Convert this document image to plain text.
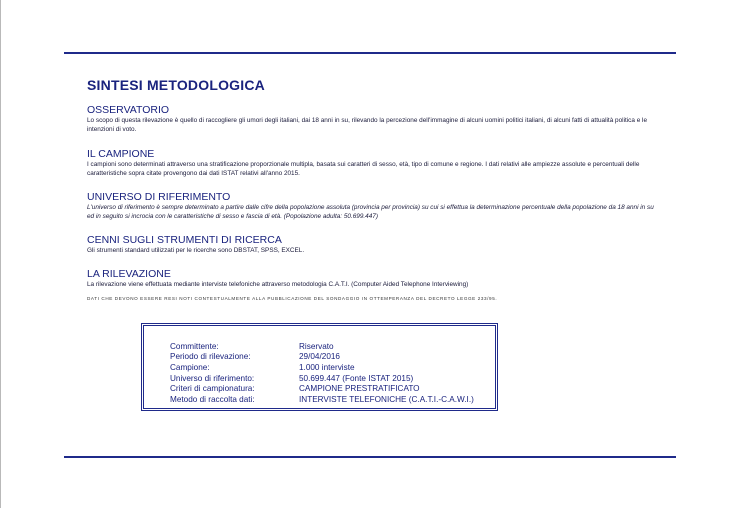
SINTESI METODOLOGICA

OSSERVATORIO

Lo scopo di questa rilevazione è quello di raccogliere gli umori degli italiani, dai 18 anni in su, rilevando la percezione dell'immagine di alcuni uomini politici italiani, di alcuni fatti di attualità politica e le intenzioni di voto.

IL CAMPIONE

I campioni sono determinati attraverso una stratificazione proporzionale multipla, basata sui caratteri di sesso, età, tipo di comune e regione. I dati relativi alle ampiezze assolute e percentuali delle caratteristiche sopra citate provengono dai dati ISTAT relativi all'anno 2015.

UNIVERSO DI RIFERIMENTO

L'universo di riferimento è sempre determinato a partire dalle cifre della popolazione assoluta (provincia per provincia) su cui si effettua la determinazione percentuale della popolazione da 18 anni in su ed in seguito si incrocia con le caratteristiche di sesso e fascia di età. (Popolazione adulta: 50.699.447)

CENNI SUGLI STRUMENTI DI RICERCA

Gli strumenti standard utilizzati per le ricerche sono DBSTAT, SPSS, EXCEL.

LA RILEVAZIONE

La rilevazione viene effettuata mediante interviste telefoniche attraverso metodologia C.A.T.I. (Computer Aided Telephone Interviewing)

DATI CHE DEVONO ESSERE RESI NOTI CONTESTUALMENTE ALLA PUBBLICAZIONE DEL SONDAGGIO IN OTTEMPERANZA DEL DECRETO LEGGE 233/95.
Committente:	Riservato
Periodo di rilevazione:	29/04/2016
Campione:	1.000 interviste
Universo di riferimento:	50.699.447 (Fonte ISTAT 2015)
Criteri di campionatura:	CAMPIONE PRESTRATIFICATO
Metodo di raccolta dati:	INTERVISTE TELEFONICHE (C.A.T.I.-C.A.W.I.)
